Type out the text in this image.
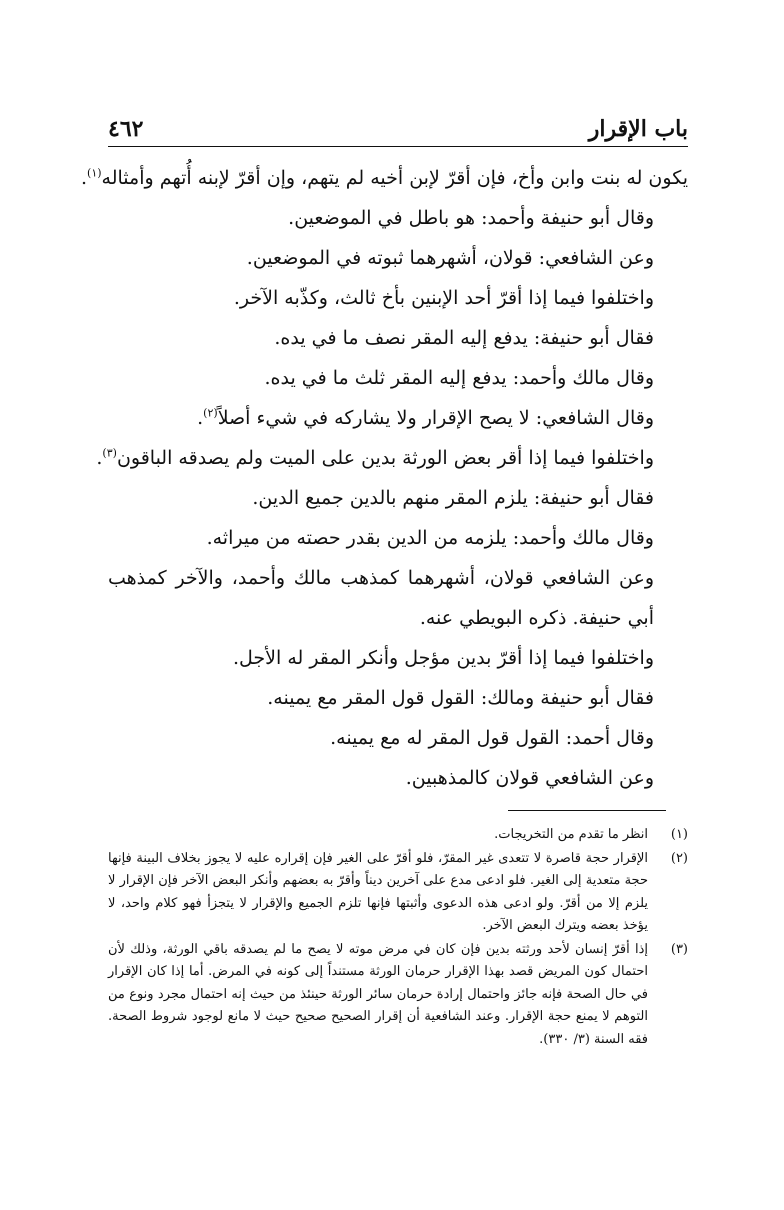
باب الإقرار
٤٦٢

يكون له بنت وابن وأخ، فإن أقرّ لإبن أخيه لم يتهم، وإن أقرّ لإبنه أُتهم وأمثاله$^{(١)}$.

وقال أبو حنيفة وأحمد: هو باطل في الموضعين.

وعن الشافعي: قولان، أشهرهما ثبوته في الموضعين.

واختلفوا فيما إذا أقرّ أحد الإبنين بأخ ثالث، وكذّبه الآخر.

فقال أبو حنيفة: يدفع إليه المقر نصف ما في يده.

وقال مالك وأحمد: يدفع إليه المقر ثلث ما في يده.

وقال الشافعي: لا يصح الإقرار ولا يشاركه في شيء أصلاً$^{(٢)}$.

واختلفوا فيما إذا أقر بعض الورثة بدين على الميت ولم يصدقه الباقون$^{(٣)}$.

فقال أبو حنيفة: يلزم المقر منهم بالدين جميع الدين.

وقال مالك وأحمد: يلزمه من الدين بقدر حصته من ميراثه.

وعن الشافعي قولان، أشهرهما كمذهب مالك وأحمد، والآخر كمذهب أبي حنيفة. ذكره البويطي عنه.

واختلفوا فيما إذا أقرّ بدين مؤجل وأنكر المقر له الأجل.

فقال أبو حنيفة ومالك: القول قول المقر مع يمينه.

وقال أحمد: القول قول المقر له مع يمينه.

وعن الشافعي قولان كالمذهبين.

(١)
انظر ما تقدم من التخريجات.
(٢)
الإقرار حجة قاصرة لا تتعدى غير المقرّ، فلو أقرّ على الغير فإن إقراره عليه لا يجوز بخلاف البينة فإنها حجة متعدية إلى الغير. فلو ادعى مدع على آخرين ديناً وأقرّ به بعضهم وأنكر البعض الآخر فإن الإقرار لا يلزم إلا من أقرّ. ولو ادعى هذه الدعوى وأثبتها فإنها تلزم الجميع والإقرار لا يتجزأ فهو كلام واحد، لا يؤخذ بعضه ويترك البعض الآخر.
(٣)
إذا أقرّ إنسان لأحد ورثته بدين فإن كان في مرض موته لا يصح ما لم يصدقه باقي الورثة، وذلك لأن احتمال كون المريض قصد بهذا الإقرار حرمان الورثة مستنداً إلى كونه في المرض. أما إذا كان الإقرار في حال الصحة فإنه جائز واحتمال إرادة حرمان سائر الورثة حينئذ من حيث إنه احتمال مجرد ونوع من التوهم لا يمنع حجة الإقرار. وعند الشافعية أن إقرار الصحيح صحيح حيث لا مانع لوجود شروط الصحة. فقه السنة (٣/ ٣٣٠).
